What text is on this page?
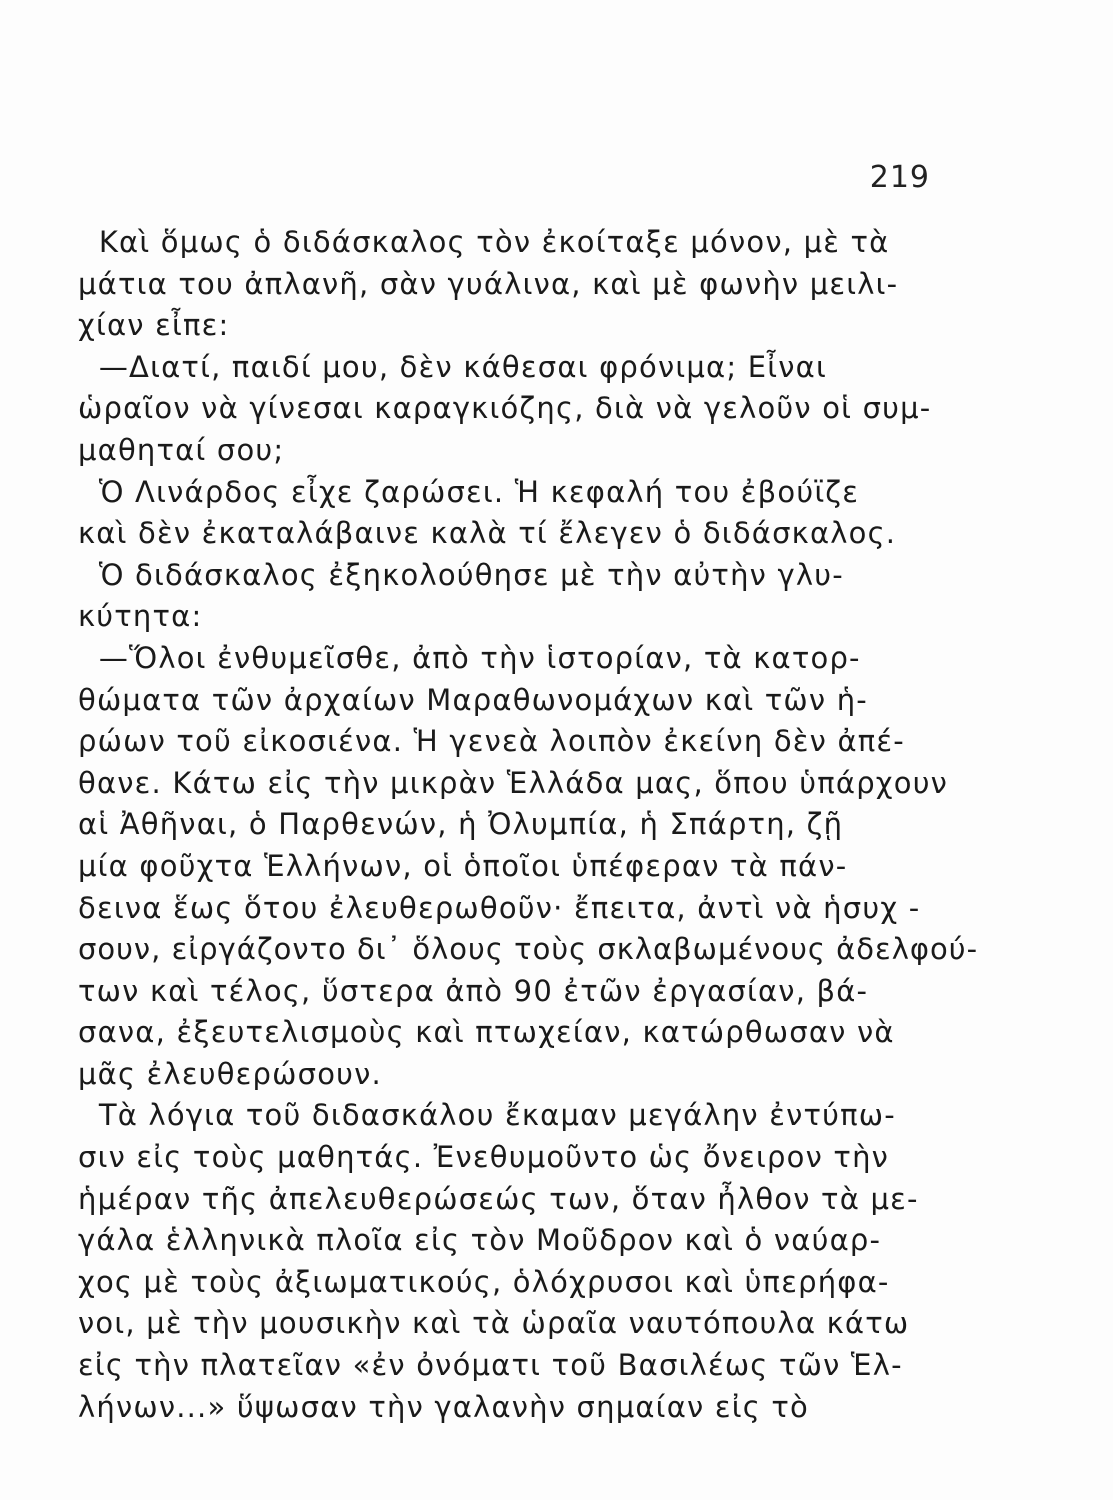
219
Καὶ ὅμως ὁ διδάσκαλος τὸν ἐκοίταξε μόνον, μὲ τὰ
μάτια του ἀπλανῆ, σὰν γυάλινα, καὶ μὲ φωνὴν μειλι-
χίαν εἶπε:
—Διατί, παιδί μου, δὲν κάθεσαι φρόνιμα; Εἶναι
ὡραῖον νὰ γίνεσαι καραγκιόζης, διὰ νὰ γελοῦν οἱ συμ-
μαθηταί σου;
Ὁ Λινάρδος εἶχε ζαρώσει. Ἡ κεφαλή του ἐβούϊζε
καὶ δὲν ἐκαταλάβαινε καλὰ τί ἔλεγεν ὁ διδάσκαλος.
Ὁ διδάσκαλος ἐξηκολούθησε μὲ τὴν αὐτὴν γλυ-
κύτητα:
—Ὅλοι ἐνθυμεῖσθε, ἀπὸ τὴν ἱστορίαν, τὰ κατορ-
θώματα τῶν ἀρχαίων Μαραθωνομάχων καὶ τῶν ἡ-
ρώων τοῦ εἰκοσιένα. Ἡ γενεὰ λοιπὸν ἐκείνη δὲν ἀπέ-
θανε. Κάτω εἰς τὴν μικρὰν Ἑλλάδα μας, ὅπου ὑπάρχουν
αἱ Ἀθῆναι, ὁ Παρθενών, ἡ Ὀλυμπία, ἡ Σπάρτη, ζῇ
μία φοῦχτα Ἑλλήνων, οἱ ὁποῖοι ὑπέφεραν τὰ πάν-
δεινα ἕως ὅτου ἐλευθερωθοῦν· ἔπειτα, ἀντὶ νὰ ἡσυχ -
σουν, εἰργάζοντο δι᾽ ὅλους τοὺς σκλαβωμένους ἀδελφού-
των καὶ τέλος, ὕστερα ἀπὸ 90 ἐτῶν ἐργασίαν, βά-
σανα, ἐξευτελισμοὺς καὶ πτωχείαν, κατώρθωσαν νὰ
μᾶς ἐλευθερώσουν.
Τὰ λόγια τοῦ διδασκάλου ἔκαμαν μεγάλην ἐντύπω-
σιν εἰς τοὺς μαθητάς. Ἐνεθυμοῦντο ὡς ὄνειρον τὴν
ἡμέραν τῆς ἀπελευθερώσεώς των, ὅταν ἦλθον τὰ με-
γάλα ἑλληνικὰ πλοῖα εἰς τὸν Μοῦδρον καὶ ὁ ναύαρ-
χος μὲ τοὺς ἀξιωματικούς, ὁλόχρυσοι καὶ ὑπερήφα-
νοι, μὲ τὴν μουσικὴν καὶ τὰ ὡραῖα ναυτόπουλα κάτω
εἰς τὴν πλατεῖαν «ἐν ὀνόματι τοῦ Βασιλέως τῶν Ἑλ-
λήνων...» ὕψωσαν τὴν γαλανὴν σημαίαν εἰς τὸ
